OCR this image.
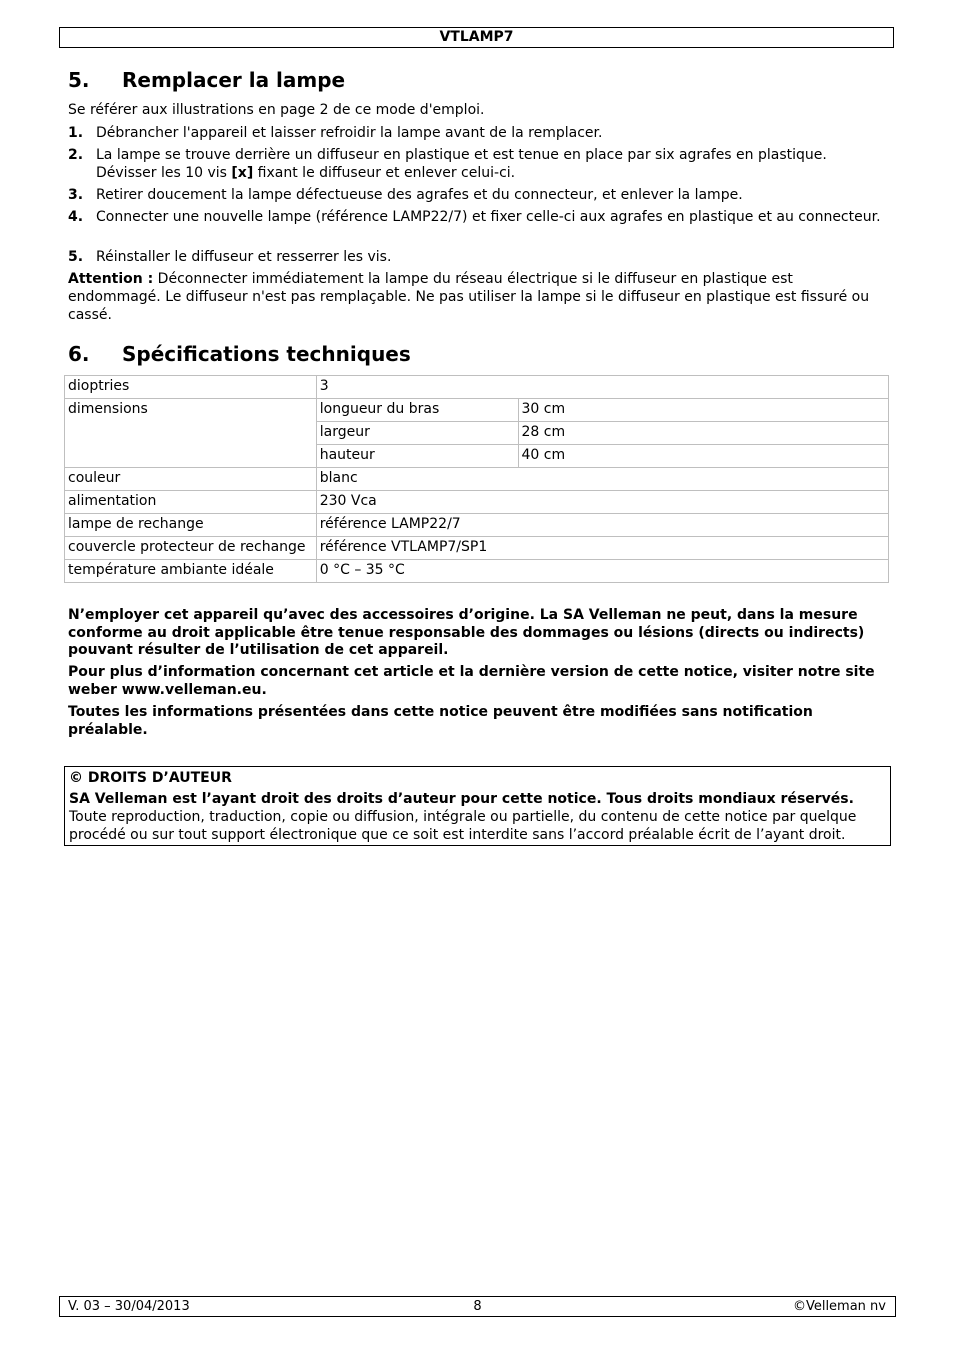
VTLAMP7
5. Remplacer la lampe

Se référer aux illustrations en page 2 de ce mode d'emploi.

1. Débrancher l'appareil et laisser refroidir la lampe avant de la remplacer.
2. La lampe se trouve derrière un diffuseur en plastique et est tenue en place par six agrafes en plastique. Dévisser les 10 vis [x] fixant le diffuseur et enlever celui-ci.
3. Retirer doucement la lampe défectueuse des agrafes et du connecteur, et enlever la lampe.
4. Connecter une nouvelle lampe (référence LAMP22/7) et fixer celle-ci aux agrafes en plastique et au connecteur.
5. Réinstaller le diffuseur et resserrer les vis.

Attention : Déconnecter immédiatement la lampe du réseau électrique si le diffuseur en plastique est endommagé. Le diffuseur n'est pas remplaçable. Ne pas utiliser la lampe si le diffuseur en plastique est fissuré ou cassé.

6. Spécifications techniques
dioptries	3	
dimensions	longueur du bras	30 cm
	largeur	28 cm
	hauteur	40 cm
couleur	blanc	
alimentation	230 Vca	
lampe de rechange	référence LAMP22/7	
couvercle protecteur de rechange	référence VTLAMP7/SP1	
température ambiante idéale	0 °C – 35 °C	
N’employer cet appareil qu’avec des accessoires d’origine. La SA Velleman ne peut, dans la mesure conforme au droit applicable être tenue responsable des dommages ou lésions (directs ou indirects) pouvant résulter de l’utilisation de cet appareil.
Pour plus d’information concernant cet article et la dernière version de cette notice, visiter notre site weber www.velleman.eu.
Toutes les informations présentées dans cette notice peuvent être modifiées sans notification préalable.
© DROITS D’AUTEUR
SA Velleman est l’ayant droit des droits d’auteur pour cette notice. Tous droits mondiaux réservés.
Toute reproduction, traduction, copie ou diffusion, intégrale ou partielle, du contenu de cette notice par quelque procédé ou sur tout support électronique que ce soit est interdite sans l’accord préalable écrit de l’ayant droit.
8
V. 03 – 30/04/2013	©Velleman nv
